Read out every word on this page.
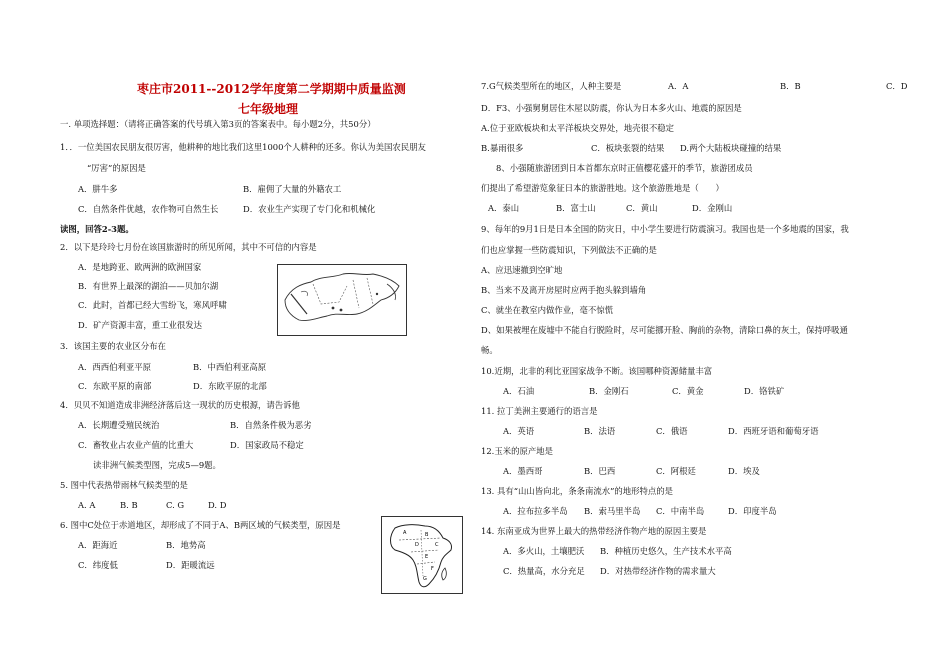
枣庄市2011--2012学年度第二学期期中质量监测
七年级地理
一. 单项选择题：（请将正确答案的代号填入第3页的答案表中。每小题2分，共50分）
1．．一位美国农民朋友很厉害，他耕种的地比我们这里1000个人耕种的还多。你认为美国农民朋友
“厉害”的原因是
A．肼牛多	B．雇佣了大量的外籍农工
C．自然条件优越，农作物可自然生长	D．农业生产实现了专门化和机械化
读图，回答2-3题。
2．以下是玲玲七月份在该国旅游时的所见所闻，其中不可信的内容是
A．是地跨亚、欧两洲的欧洲国家
B．有世界上最深的湖泊——贝加尔湖
C．此时，首都已经大雪纷飞，寒风呼啸
D．矿产资源丰富，重工业很发达
3．该国主要的农业区分布在
A．西西伯利亚平原	B．中西伯利亚高原
C．东欧平原的南部	D．东欧平原的北部
4．贝贝不知道造成非洲经济落后这一现状的历史根源，请告诉他
A．长期遭受殖民统治	B．自然条件极为恶劣
C．畜牧业占农业产值的比重大	D．国家政局不稳定
读非洲气候类型图，完成5—9题。
5. 图中代表热带雨林气候类型的是
A. A	B. B	C. G	D. D
6. 图中C处位于赤道地区，却形成了不同于A、B两区域的气候类型，原因是
A．距海近	B．地势高
C．纬度低	D．距暖流远
A	B
C
D
E
F
G
7.G气候类型所在的地区，人种主要是	A．A	B．B	C．D
D．F3、小强舅舅居住木屋以防震，你认为日本多火山、地震的原因是
A.位于亚欧板块和太平洋板块交界处，地壳很不稳定
B.暴雨很多	C．板块张裂的结果 D.两个大陆板块碰撞的结果
8、小强随旅游团到日本首都东京时正值樱花盛开的季节，旅游团成员
们提出了希望游览象征日本的旅游胜地。这个旅游胜地是（　　）
A．泰山	B．富士山	C．黄山	D．金刚山
9、每年的9月1日是日本全国的防灾日，中小学生要进行防震演习。我国也是一个多地震的国家，我
们也应掌握一些防震知识，下列做法不正确的是
A、应迅速撤到空旷地
B、当来不及离开房屋时应两手抱头躲到墙角
C、就坐在教室内做作业，毫不惊慌
D、如果被埋在废墟中不能自行脱险时，尽可能挪开脸、胸前的杂物，清除口鼻的灰土，保持呼吸通
畅。
10.近期，北非的利比亚国家战争不断。该国哪种资源储量丰富
A．石油	B．金刚石	C．黄金	D．铬铁矿
11. 拉丁美洲主要通行的语言是
A．英语	B．法语	C．俄语	D．西班牙语和葡萄牙语
12.玉米的原产地是
A．墨西哥	B．巴西	C．阿根廷	D．埃及
13. 具有“山山皆向北，条条南流水”的地形特点的是
A．拉布拉多半岛 B．索马里半岛 C．中南半岛	D．印度半岛
14. 东南亚成为世界上最大的热带经济作物产地的原因主要是
A．多火山，土壤肥沃 B．种植历史悠久，生产技术水平高
C．热量高，水分充足 D．对热带经济作物的需求量大
